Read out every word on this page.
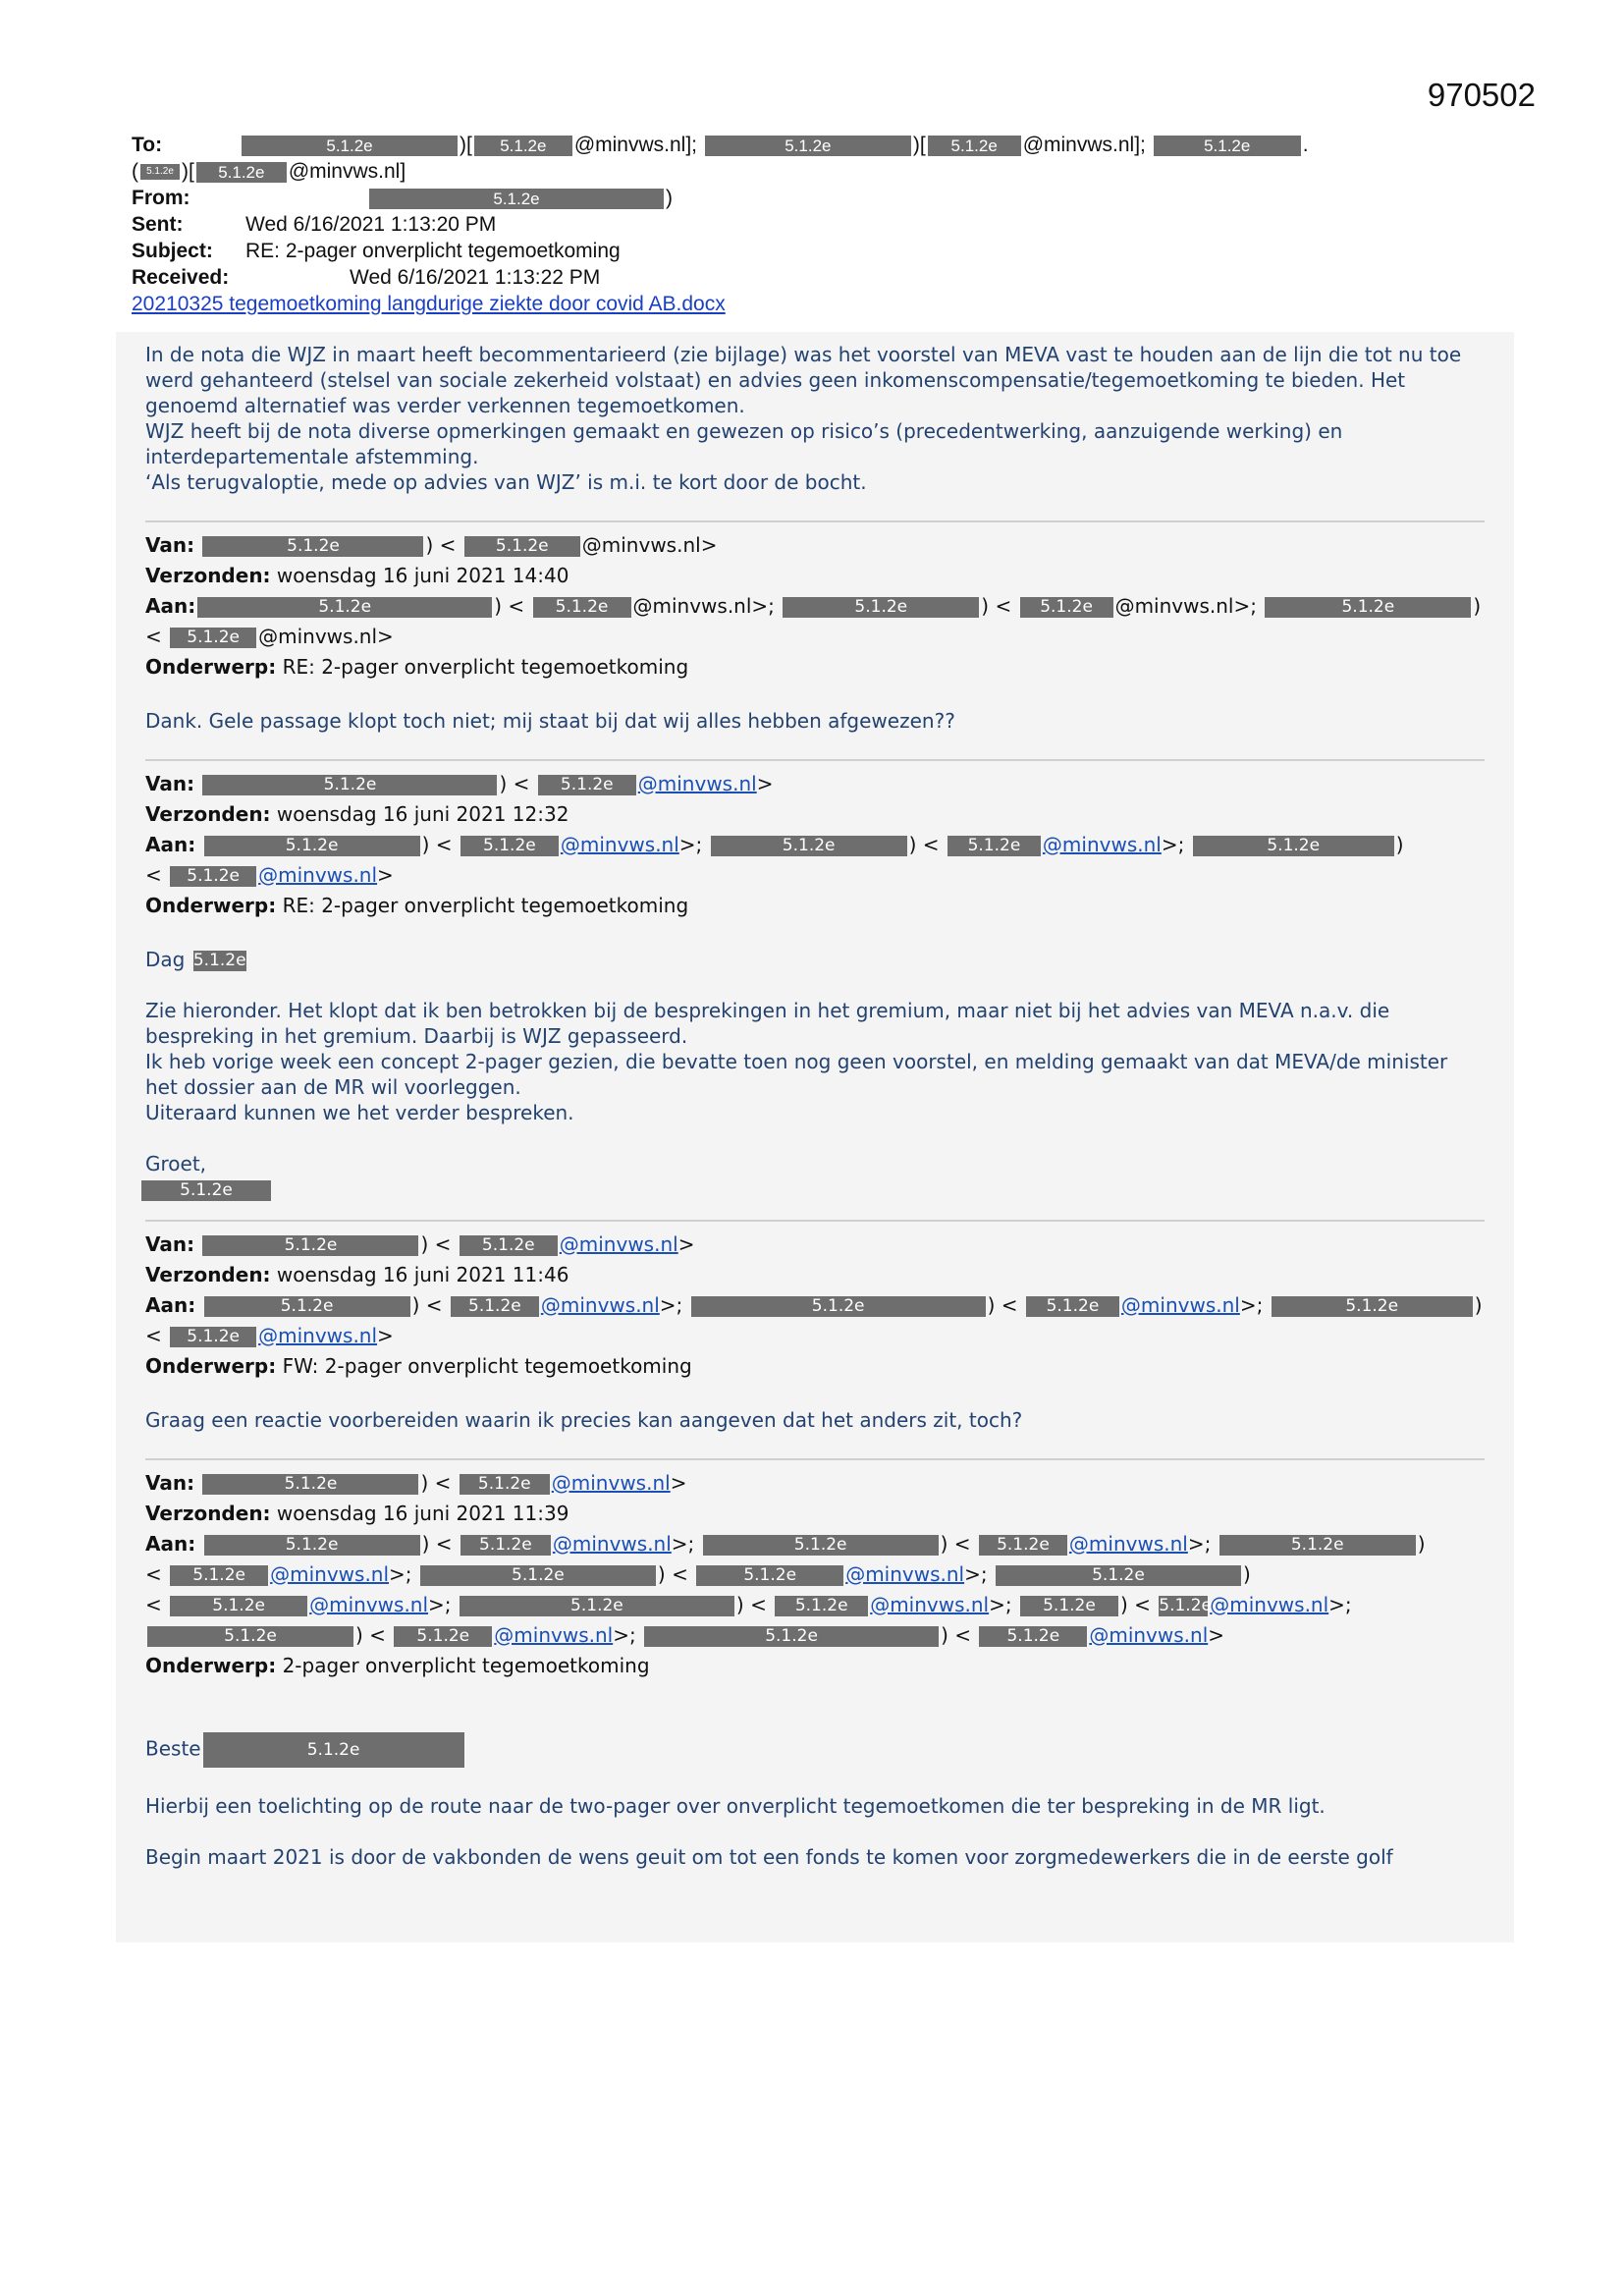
970502
To:	5.1.2e	)[ 5.1.2e @minvws.nl];	5.1.2e	)[ 5.1.2e @minvws.nl];	5.1.2e	.
( 5.1.2e )[ 5.1.2e @minvws.nl]
From:	5.1.2e	)
Sent:	Wed 6/16/2021 1:13:20 PM
Subject: RE: 2-pager onverplicht tegemoetkoming
Received:	Wed 6/16/2021 1:13:22 PM
20210325 tegemoetkoming langdurige ziekte door covid AB.docx
In de nota die WJZ in maart heeft becommentarieerd (zie bijlage) was het voorstel van MEVA vast te houden aan de lijn die tot nu toe werd gehanteerd (stelsel van sociale zekerheid volstaat) en advies geen inkomenscompensatie/tegemoetkoming te bieden. Het genoemd alternatief was verder verkennen tegemoetkomen.
WJZ heeft bij de nota diverse opmerkingen gemaakt en gewezen op risico’s (precedentwerking, aanzuigende werking) en interdepartementale afstemming.
‘Als terugvaloptie, mede op advies van WJZ’ is m.i. te kort door de bocht.
Van:	5.1.2e	) < 5.1.2e @minvws.nl>
Verzonden: woensdag 16 juni 2021 14:40
Aan:	5.1.2e	) < 5.1.2e @minvws.nl>;	5.1.2e	) < 5.1.2e @minvws.nl>;	5.1.2e	)
< 5.1.2e @minvws.nl>
Onderwerp: RE: 2-pager onverplicht tegemoetkoming
Dank. Gele passage klopt toch niet; mij staat bij dat wij alles hebben afgewezen??
Van:	5.1.2e	) < 5.1.2e @minvws.nl>
Verzonden: woensdag 16 juni 2021 12:32
Aan:	5.1.2e	) < 5.1.2e @minvws.nl>;	5.1.2e	) < 5.1.2e @minvws.nl>;	5.1.2e	)
< 5.1.2e @minvws.nl>
Onderwerp: RE: 2-pager onverplicht tegemoetkoming
Dag 5.1.2e
Zie hieronder. Het klopt dat ik ben betrokken bij de besprekingen in het gremium, maar niet bij het advies van MEVA n.a.v. die bespreking in het gremium. Daarbij is WJZ gepasseerd.
Ik heb vorige week een concept 2-pager gezien, die bevatte toen nog geen voorstel, en melding gemaakt van dat MEVA/de minister het dossier aan de MR wil voorleggen.
Uiteraard kunnen we het verder bespreken.
Groet,
5.1.2e
Van:	5.1.2e	) < 5.1.2e @minvws.nl>
Verzonden: woensdag 16 juni 2021 11:46
Aan:	5.1.2e	) < 5.1.2e @minvws.nl>;	5.1.2e	) < 5.1.2e @minvws.nl>;	5.1.2e	)
< 5.1.2e @minvws.nl>
Onderwerp: FW: 2-pager onverplicht tegemoetkoming
Graag een reactie voorbereiden waarin ik precies kan aangeven dat het anders zit, toch?
Van:	5.1.2e	) < 5.1.2e @minvws.nl>
Verzonden: woensdag 16 juni 2021 11:39
Aan:	5.1.2e	) < 5.1.2e @minvws.nl>;	5.1.2e	) < 5.1.2e @minvws.nl>;	5.1.2e	)
< 5.1.2e @minvws.nl>;	5.1.2e	) <	5.1.2e	@minvws.nl>;	5.1.2e	)
<	5.1.2e @minvws.nl>;	5.1.2e	) < 5.1.2e @minvws.nl>; 5.1.2e ) < 5.1.2e@minvws.nl>;
5.1.2e	) < 5.1.2e @minvws.nl>;	5.1.2e	) < 5.1.2e @minvws.nl>
Onderwerp: 2-pager onverplicht tegemoetkoming
Beste	5.1.2e
Hierbij een toelichting op de route naar de two-pager over onverplicht tegemoetkomen die ter bespreking in de MR ligt.
Begin maart 2021 is door de vakbonden de wens geuit om tot een fonds te komen voor zorgmedewerkers die in de eerste golf
